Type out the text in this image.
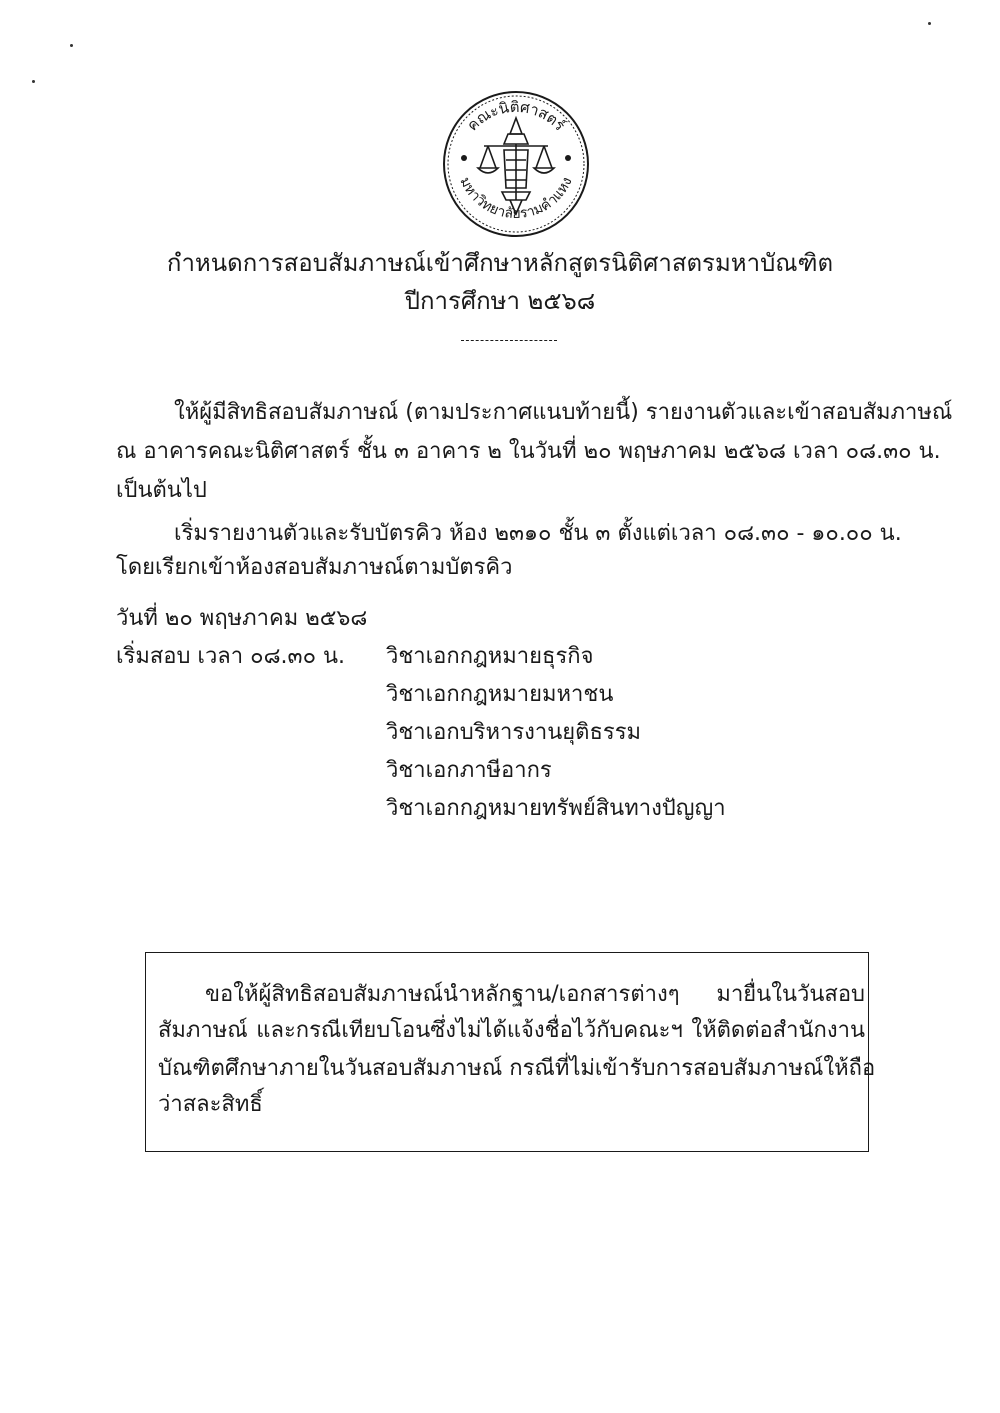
คณะนิติศาสตร์
มหาวิทยาลัยรามคำแหง
กำหนดการสอบสัมภาษณ์เข้าศึกษาหลักสูตรนิติศาสตรมหาบัณฑิต
ปีการศึกษา ๒๕๖๘
ให้ผู้มีสิทธิสอบสัมภาษณ์ (ตามประกาศแนบท้ายนี้) รายงานตัวและเข้าสอบสัมภาษณ์
ณ อาคารคณะนิติศาสตร์ ชั้น ๓ อาคาร ๒ ในวันที่ ๒๐ พฤษภาคม ๒๕๖๘ เวลา ๐๘.๓๐ น.
เป็นต้นไป
เริ่มรายงานตัวและรับบัตรคิว ห้อง ๒๓๑๐ ชั้น ๓ ตั้งแต่เวลา ๐๘.๓๐ - ๑๐.๐๐ น.
โดยเรียกเข้าห้องสอบสัมภาษณ์ตามบัตรคิว
วันที่ ๒๐ พฤษภาคม ๒๕๖๘
เริ่มสอบ เวลา ๐๘.๓๐ น. วิชาเอกกฎหมายธุรกิจ
วิชาเอกกฎหมายมหาชน
วิชาเอกบริหารงานยุติธรรม
วิชาเอกภาษีอากร
วิชาเอกกฎหมายทรัพย์สินทางปัญญา
ขอให้ผู้สิทธิสอบสัมภาษณ์นำหลักฐาน/เอกสารต่างๆ มายื่นในวันสอบ
สัมภาษณ์ และกรณีเทียบโอนซึ่งไม่ได้แจ้งชื่อไว้กับคณะฯ ให้ติดต่อสำนักงาน
บัณฑิตศึกษาภายในวันสอบสัมภาษณ์ กรณีที่ไม่เข้ารับการสอบสัมภาษณ์ให้ถือ
ว่าสละสิทธิ์
